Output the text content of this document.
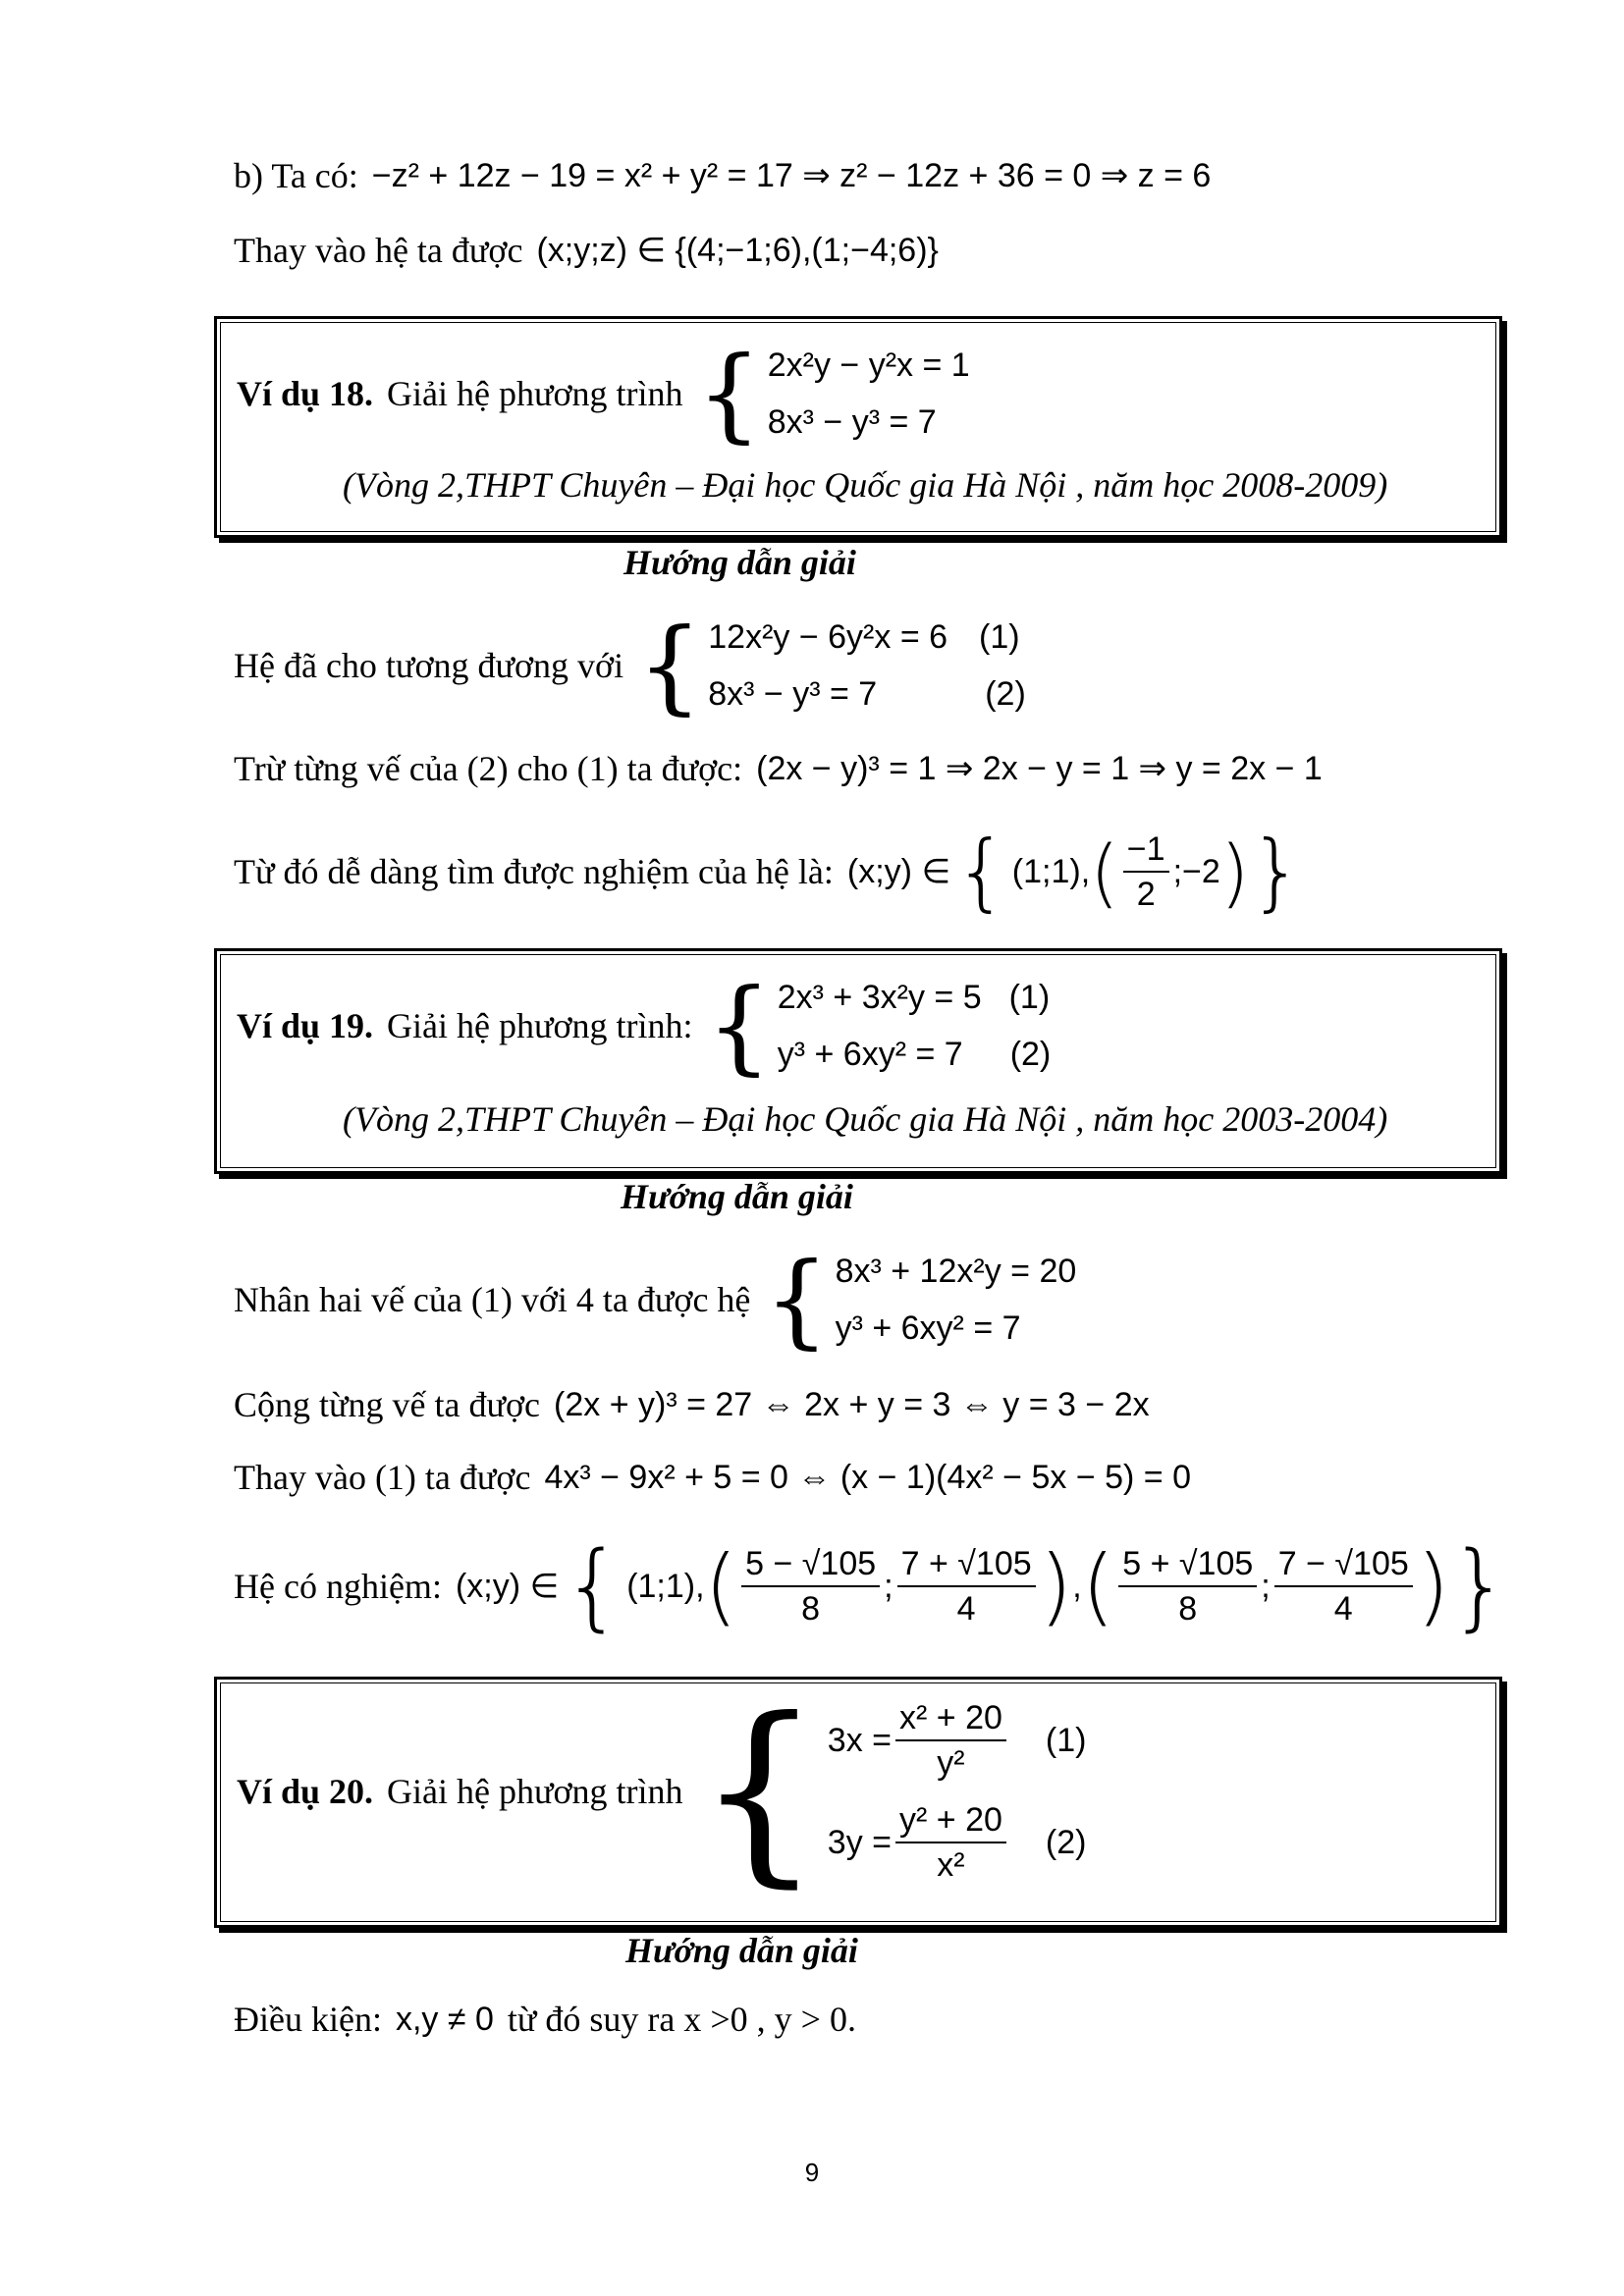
b) Ta có: −z² + 12z − 19 = x² + y² = 17 ⇒ z² − 12z + 36 = 0 ⇒ z = 6
Thay vào hệ ta được (x;y;z) ∈ {(4;−1;6),(1;−4;6)}
Ví dụ 18. Giải hệ phương trình { 2x²y − y²x = 1
8x³ − y³ = 7
(Vòng 2,THPT Chuyên – Đại học Quốc gia Hà Nội , năm học 2008-2009)
Hướng dẫn giải
Hệ đã cho tương đương với { 12x²y − 6y²x = 6 (1)
8x³ − y³ = 7	(2)
Trừ từng vế của (2) cho (1) ta được: (2x − y)³ = 1 ⇒ 2x − y = 1 ⇒ y = 2x − 1
Từ đó dễ dàng tìm được nghiệm của hệ là: (x;y) ∈ { (1;1), ( $\frac{-1}{2}$ ;−2 ) }
Ví dụ 19. Giải hệ phương trình: { 2x³ + 3x²y = 5 (1)
y³ + 6xy² = 7 (2)
(Vòng 2,THPT Chuyên – Đại học Quốc gia Hà Nội , năm học 2003-2004)
Hướng dẫn giải
Nhân hai vế của (1) với 4 ta được hệ { 8x³ + 12x²y = 20
y³ + 6xy² = 7
Cộng từng vế ta được (2x + y)³ = 27 ⇔ 2x + y = 3 ⇔ y = 3 − 2x
Thay vào (1) ta được 4x³ − 9x² + 5 = 0 ⇔ (x − 1)(4x² − 5x − 5) = 0
Hệ có nghiệm: (x;y) ∈ { (1;1), ( $\frac{5 - √105}{8}$ ; $\frac{7 + √105}{4}$ ) , ( $\frac{5 + √105}{8}$ ; $\frac{7 - √105}{4}$ ) }
Ví dụ 20. Giải hệ phương trình { $3x = \frac{\text{x² + 20}}{\text{y²}} (1)$
$3y = \frac{\text{y² + 20}}{\text{x²}} (2)$
Hướng dẫn giải
Điều kiện: x,y ≠ 0 từ đó suy ra x >0 , y > 0.
9
